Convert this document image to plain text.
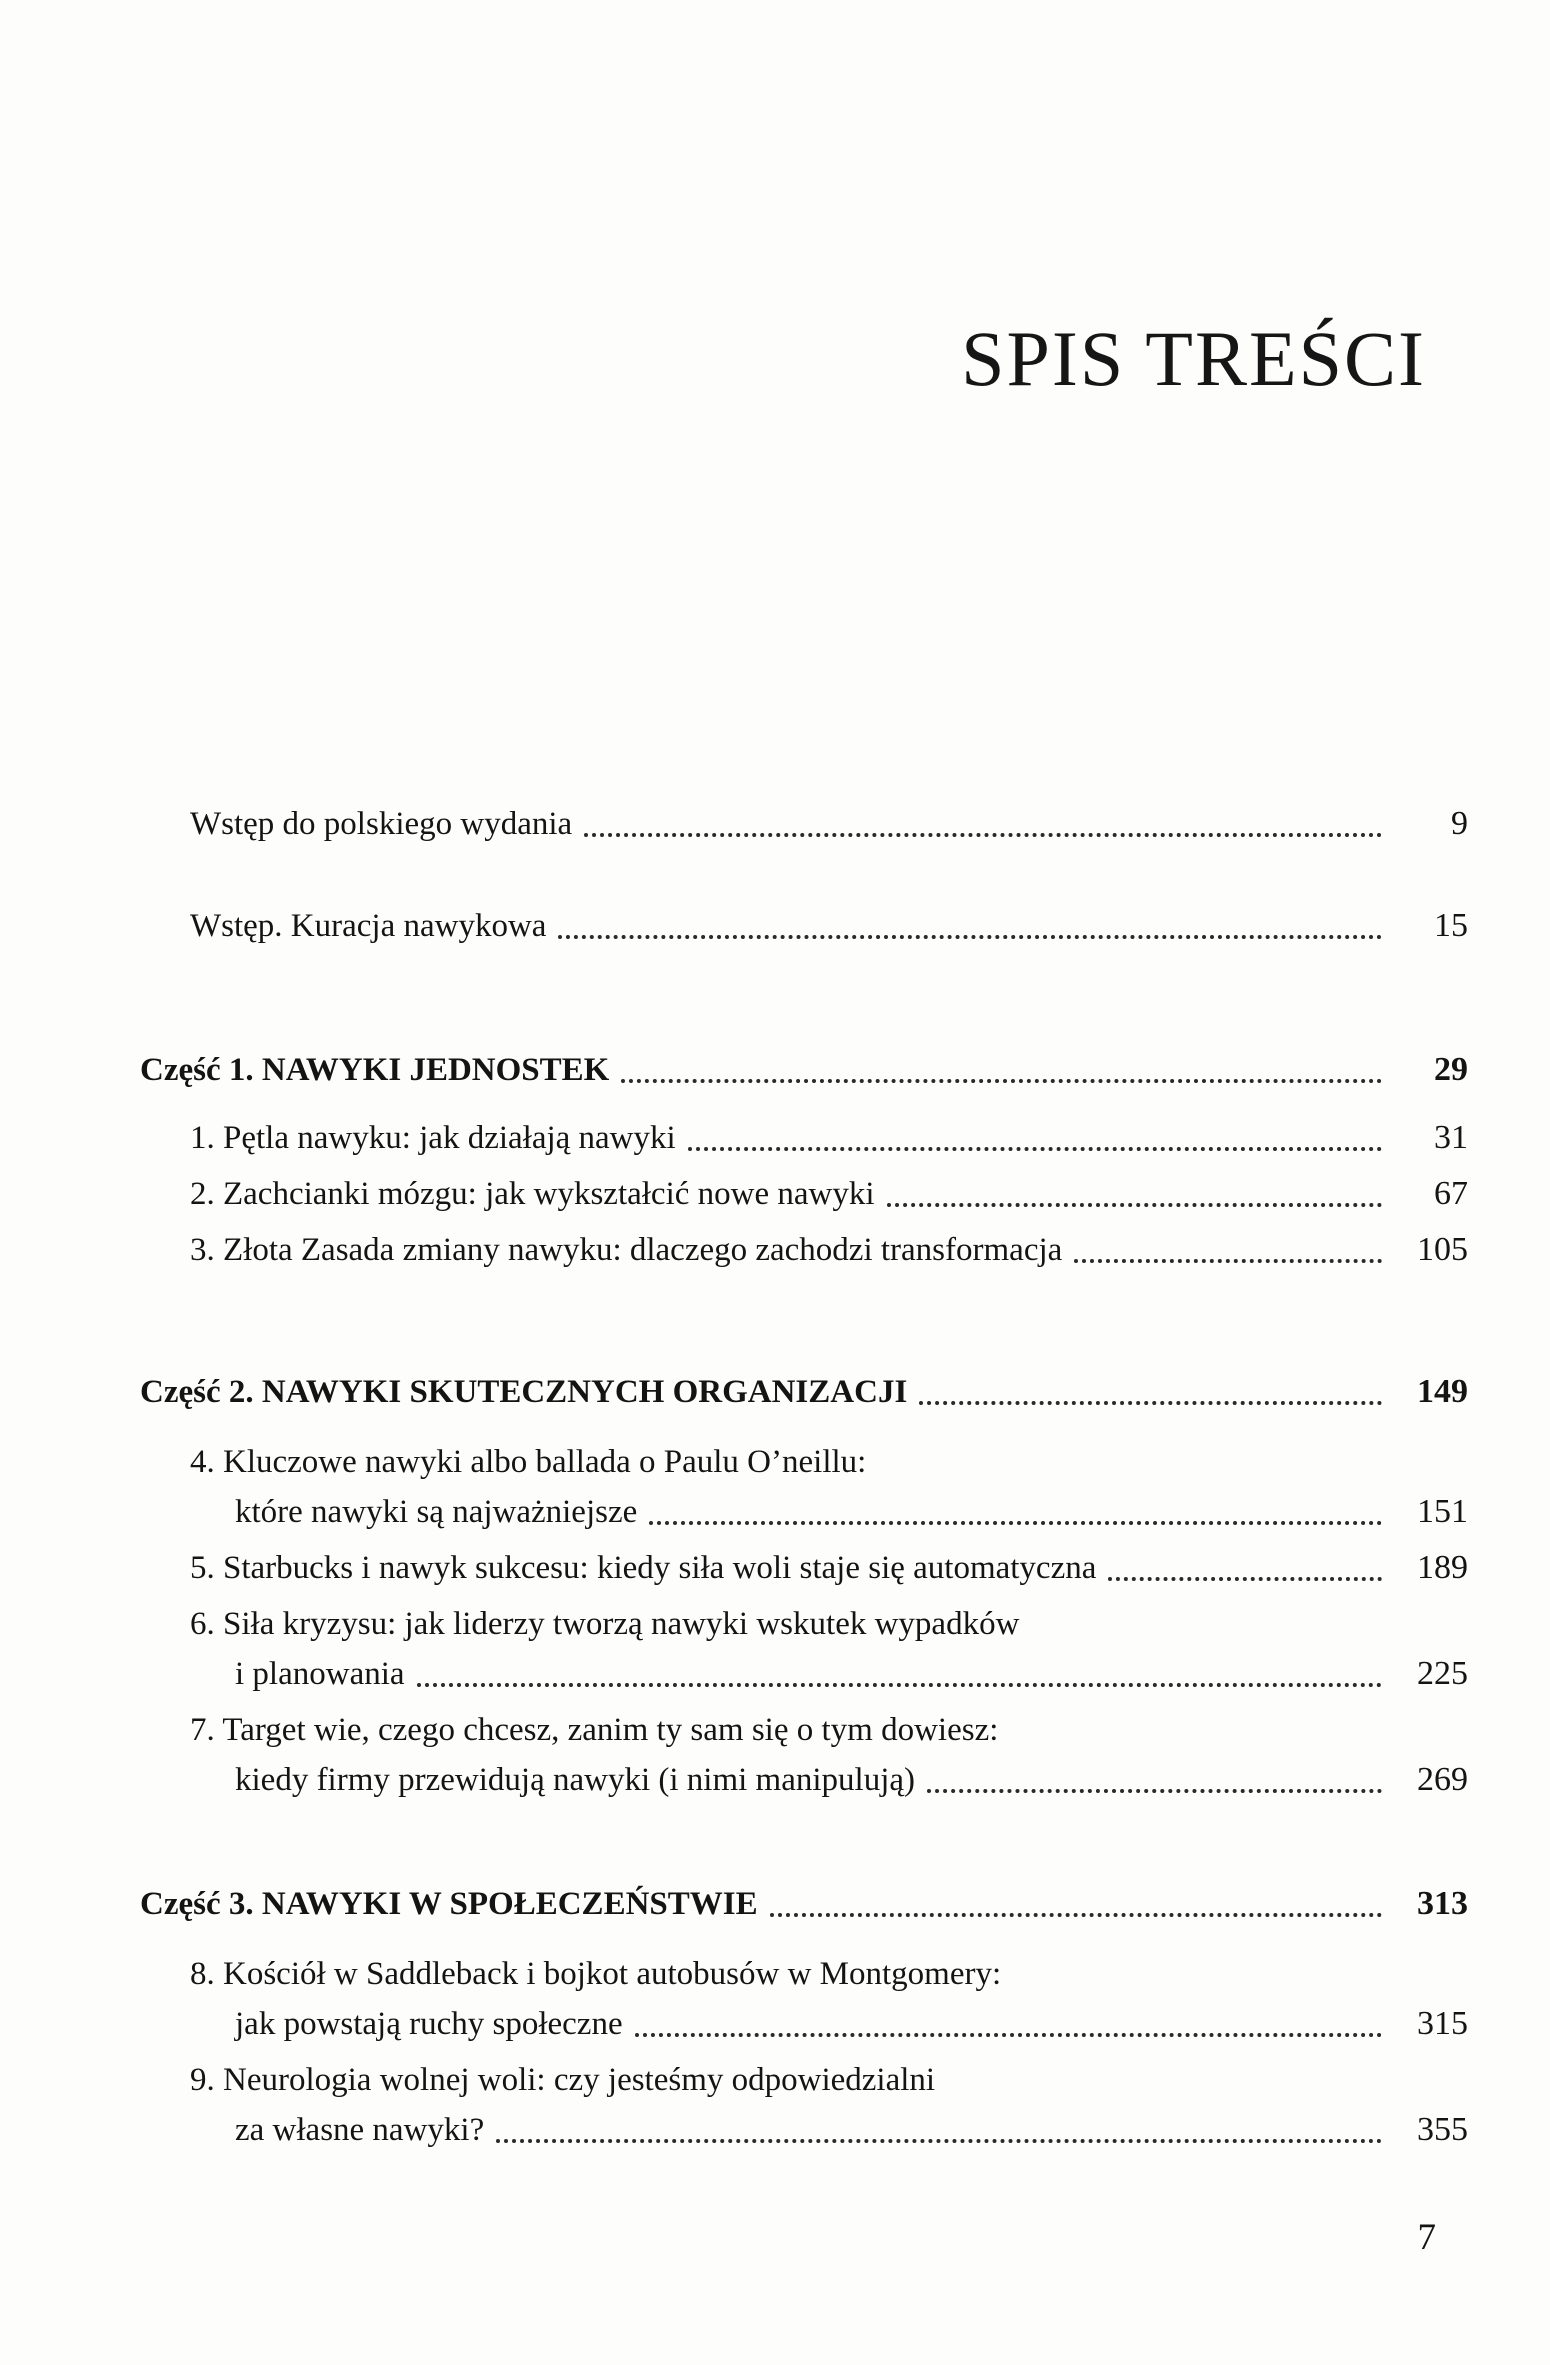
SPIS TREŚCI
Wstęp do polskiego wydania	9
Wstęp. Kuracja nawykowa	15
Część 1. NAWYKI JEDNOSTEK	29
1. Pętla nawyku: jak działają nawyki	31
2. Zachcianki mózgu: jak wykształcić nowe nawyki	67
3. Złota Zasada zmiany nawyku: dlaczego zachodzi transformacja	105
Część 2. NAWYKI SKUTECZNYCH ORGANIZACJI	149
4. Kluczowe nawyki albo ballada o Paulu O’neillu:
które nawyki są najważniejsze	151
5. Starbucks i nawyk sukcesu: kiedy siła woli staje się automatyczna	189
6. Siła kryzysu: jak liderzy tworzą nawyki wskutek wypadków
i planowania	225
7. Target wie, czego chcesz, zanim ty sam się o tym dowiesz:
kiedy firmy przewidują nawyki (i nimi manipulują)	269
Część 3. NAWYKI W SPOŁECZEŃSTWIE	313
8. Kościół w Saddleback i bojkot autobusów w Montgomery:
jak powstają ruchy społeczne	315
9. Neurologia wolnej woli: czy jesteśmy odpowiedzialni
za własne nawyki?	355
7
